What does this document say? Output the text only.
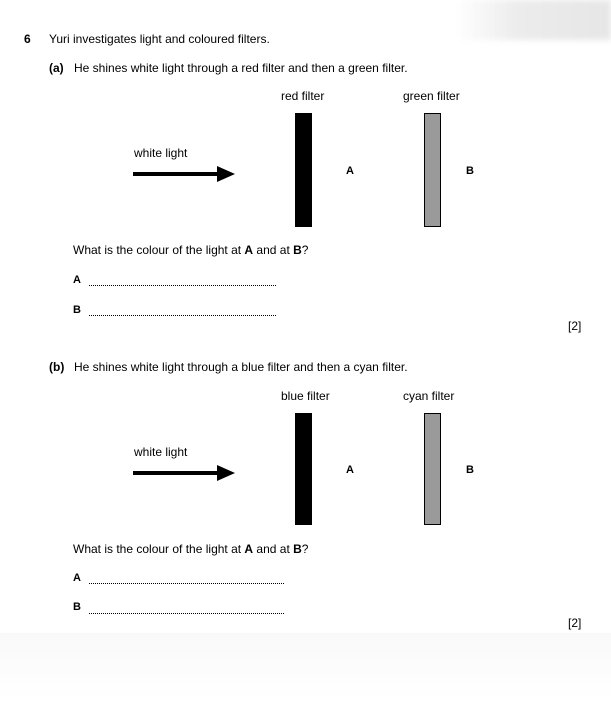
6 Yuri investigates light and coloured filters.
(a) He shines white light through a red filter and then a green filter.
red filter	green filter
white light
A	B
What is the colour of the light at A and at B?
A
B
[2]
(b) He shines white light through a blue filter and then a cyan filter.
blue filter	cyan filter
white light
A	B
What is the colour of the light at A and at B?
A
B
[2]
